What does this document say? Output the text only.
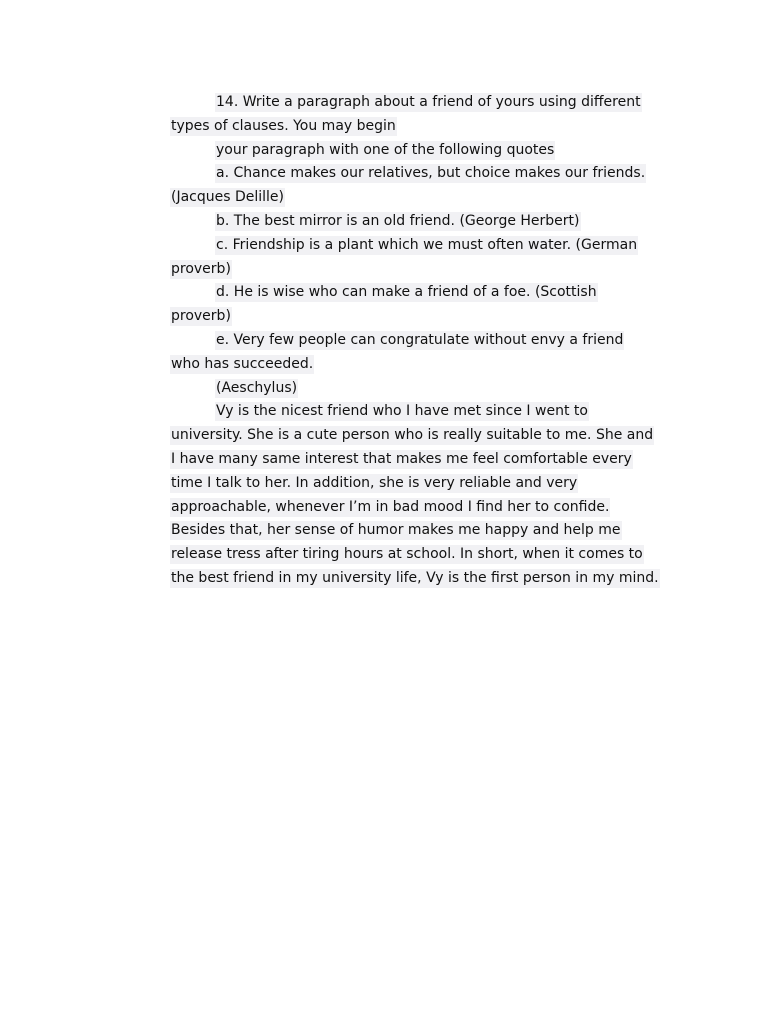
14. Write a paragraph about a friend of yours using different
types of clauses. You may begin
your paragraph with one of the following quotes
a. Chance makes our relatives, but choice makes our friends.
(Jacques Delille)
b. The best mirror is an old friend. (George Herbert)
c. Friendship is a plant which we must often water. (German
proverb)
d. He is wise who can make a friend of a foe. (Scottish
proverb)
e. Very few people can congratulate without envy a friend
who has succeeded.
(Aeschylus)
Vy is the nicest friend who I have met since I went to
university. She is a cute person who is really suitable to me. She and
I have many same interest that makes me feel comfortable every
time I talk to her. In addition, she is very reliable and very
approachable, whenever I’m in bad mood I find her to confide.
Besides that, her sense of humor makes me happy and help me
release tress after tiring hours at school. In short, when it comes to
the best friend in my university life, Vy is the first person in my mind.
